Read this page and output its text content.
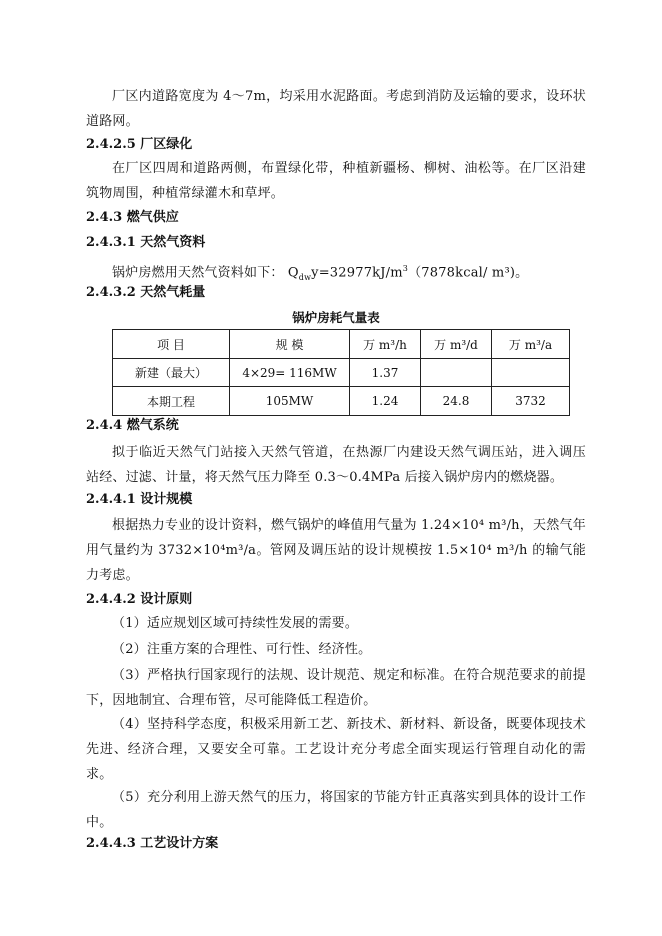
厂区内道路宽度为 4～7m，均采用水泥路面。考虑到消防及运输的要求，设环状道路网。

2.4.2.5 厂区绿化

在厂区四周和道路两侧，布置绿化带，种植新疆杨、柳树、油松等。在厂区沿建筑物周围，种植常绿灌木和草坪。

2.4.3 燃气供应
2.4.3.1 天然气资料

锅炉房燃用天然气资料如下： $Q_{dw}y=32977kJ/m^3(7878kcal/$ m³)。

2.4.3.2 天然气耗量
锅炉房耗气量表
项 目	规 模	万 m³/h	万 m³/d	万 m³/a
新建（最大）	4×29= 116MW	1.37		
本期工程	105MW	1.24	24.8	3732
2.4.4 燃气系统

拟于临近天然气门站接入天然气管道，在热源厂内建设天然气调压站，进入调压站经、过滤、计量，将天然气压力降至 0.3～0.4MPa 后接入锅炉房内的燃烧器。

2.4.4.1 设计规模

根据热力专业的设计资料，燃气锅炉的峰值用气量为 1.24×10⁴ m³/h，天然气年用气量约为 3732×10⁴m³/a。管网及调压站的设计规模按 1.5×10⁴ m³/h 的输气能力考虑。

2.4.4.2 设计原则

（1）适应规划区域可持续性发展的需要。

（2）注重方案的合理性、可行性、经济性。

（3）严格执行国家现行的法规、设计规范、规定和标准。在符合规范要求的前提下，因地制宜、合理布管，尽可能降低工程造价。

（4）坚持科学态度，积极采用新工艺、新技术、新材料、新设备，既要体现技术先进、经济合理，又要安全可靠。工艺设计充分考虑全面实现运行管理自动化的需求。

（5）充分利用上游天然气的压力，将国家的节能方针正真落实到具体的设计工作中。

2.4.4.3 工艺设计方案
